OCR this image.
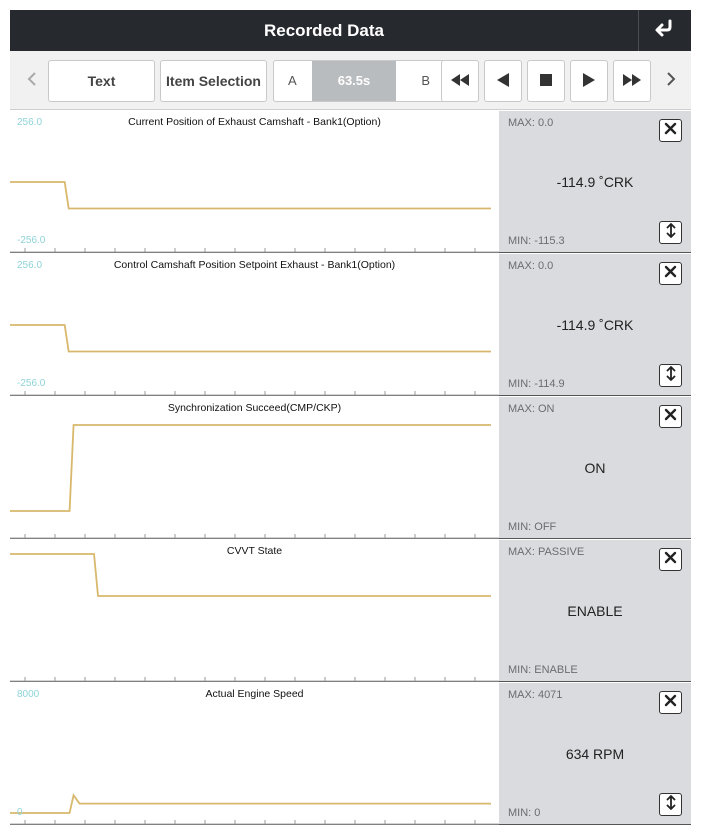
Recorded Data
Text	Item Selection	A	63.5s	B
Current Position of Exhaust Camshaft - Bank1(Option)
256.0
-256.0
-114.9 ˚CRK
MAX: 0.0
MIN: -115.3
Control Camshaft Position Setpoint Exhaust - Bank1(Option)
256.0
-256.0
-114.9 ˚CRK
MAX: 0.0
MIN: -114.9
Synchronization Succeed(CMP/CKP)
ON
MAX: ON
MIN: OFF
CVVT State
ENABLE
MAX: PASSIVE
MIN: ENABLE
Actual Engine Speed
8000
0
634 RPM
MAX: 4071
MIN: 0
